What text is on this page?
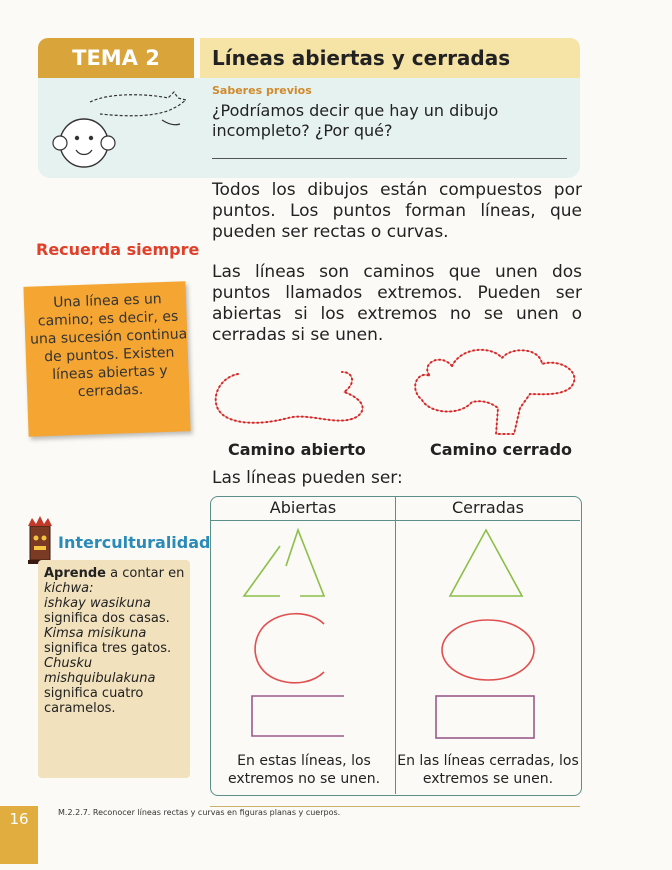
TEMA 2	Líneas abiertas y cerradas
Saberes previos
¿Podríamos decir que hay un dibujo incompleto? ¿Por qué?
Todos los dibujos están compuestos por puntos. Los puntos forman líneas, que pueden ser rectas o curvas.
Las líneas son caminos que unen dos puntos llamados extremos. Pueden ser abiertas si los extremos no se unen o cerradas si se unen.
Recuerda siempre
Una línea es un camino; es decir, es una sucesión continua de puntos. Existen líneas abiertas y cerradas.
Camino abierto	Camino cerrado
Las líneas pueden ser:
Abiertas	Cerradas
En estas líneas, los extremos no se unen.
En las líneas cerradas, los extremos se unen.
Interculturalidad
Aprende a contar en kichwa:
ishkay wasikuna significa dos casas.
Kimsa misikuna significa tres gatos.
Chusku mishquibulakuna significa cuatro caramelos.
M.2.2.7. Reconocer líneas rectas y curvas en figuras planas y cuerpos.
16
